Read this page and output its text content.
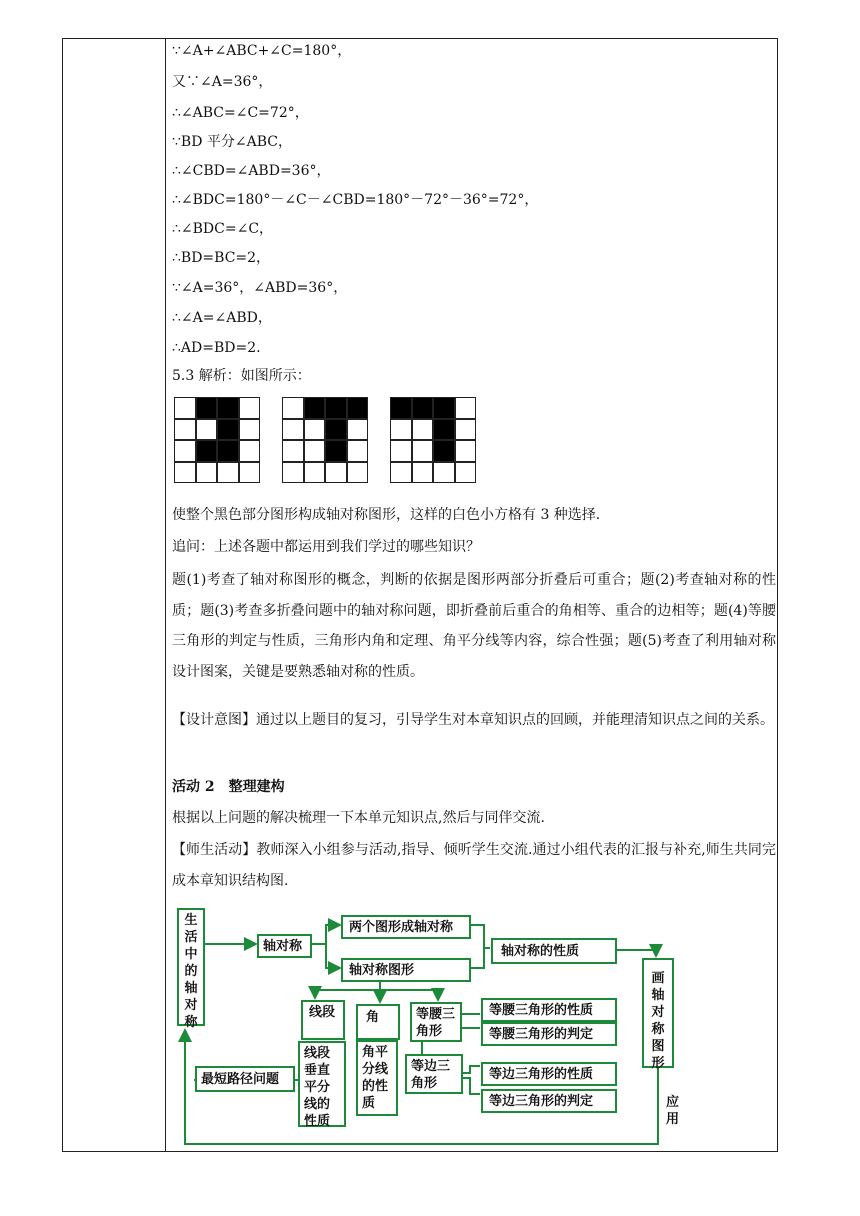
∵∠A+∠ABC+∠C=180°，
又∵∠A=36°，
∴∠ABC=∠C=72°，
∵BD 平分∠ABC，
∴∠CBD=∠ABD=36°，
∴∠BDC=180°－∠C－∠CBD=180°－72°－36°=72°，
∴∠BDC=∠C，
∴BD=BC=2，
∵∠A=36°，∠ABD=36°，
∴∠A=∠ABD，
∴AD=BD=2.
5.3 解析：如图所示：
使整个黑色部分图形构成轴对称图形，这样的白色小方格有 3 种选择.
追问：上述各题中都运用到我们学过的哪些知识？
题(1)考查了轴对称图形的概念，判断的依据是图形两部分折叠后可重合；题(2)考查轴对称的性质；题(3)考查多折叠问题中的轴对称问题，即折叠前后重合的角相等、重合的边相等；题(4)等腰三角形的判定与性质，三角形内角和定理、角平分线等内容，综合性强；题(5)考查了利用轴对称设计图案，关键是要熟悉轴对称的性质。
【设计意图】通过以上题目的复习，引导学生对本章知识点的回顾，并能理清知识点之间的关系。
活动 2　整理建构
根据以上问题的解决梳理一下本单元知识点,然后与同伴交流.
【师生活动】教师深入小组参与活动,指导、倾听学生交流.通过小组代表的汇报与补充,师生共同完成本章知识结构图.
生活中的轴对称
轴对称
两个图形成轴对称
轴对称图形
轴对称的性质
画轴对称图形
线段 角	等腰三角形
等腰三角形的性质
等腰三角形的判定
线段垂直平分线的性质
角平分线的性质
等边三角形
等边三角形的性质
等边三角形的判定
最短路径问题
应用
